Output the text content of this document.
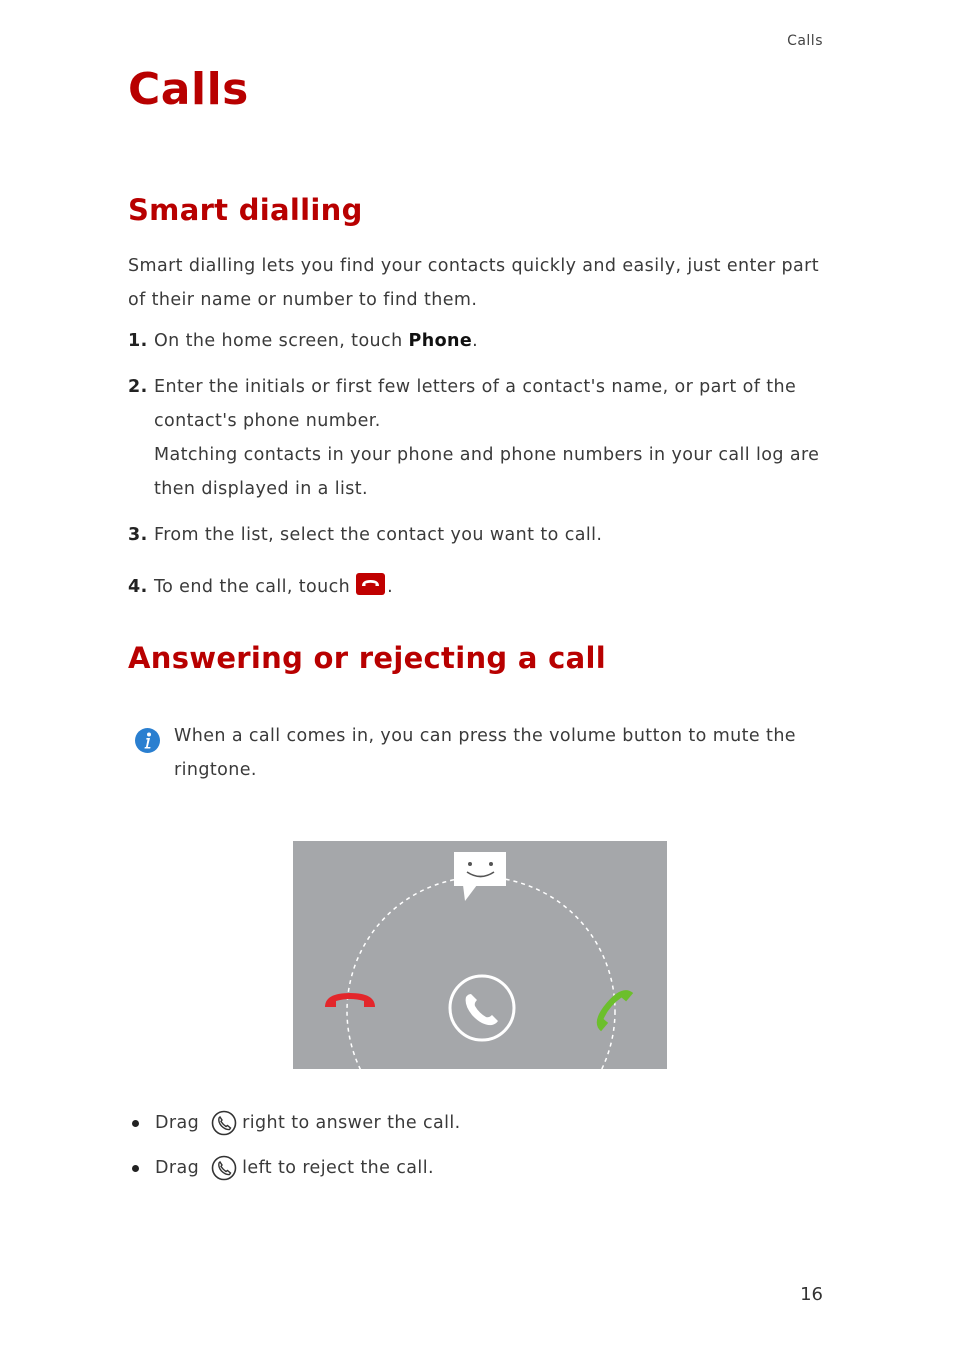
Calls
Calls
Smart dialling
Smart dialling lets you find your contacts quickly and easily, just enter part of their name or number to find them.
1. On the home screen, touch Phone.
2. Enter the initials or first few letters of a contact's name, or part of the contact's phone number.
Matching contacts in your phone and phone numbers in your call log are then displayed in a list.
3. From the list, select the contact you want to call.
4. To end the call, touch .
Answering or rejecting a call
When a call comes in, you can press the volume button to mute the ringtone.
Drag right to answer the call.
Drag left to reject the call.
16
